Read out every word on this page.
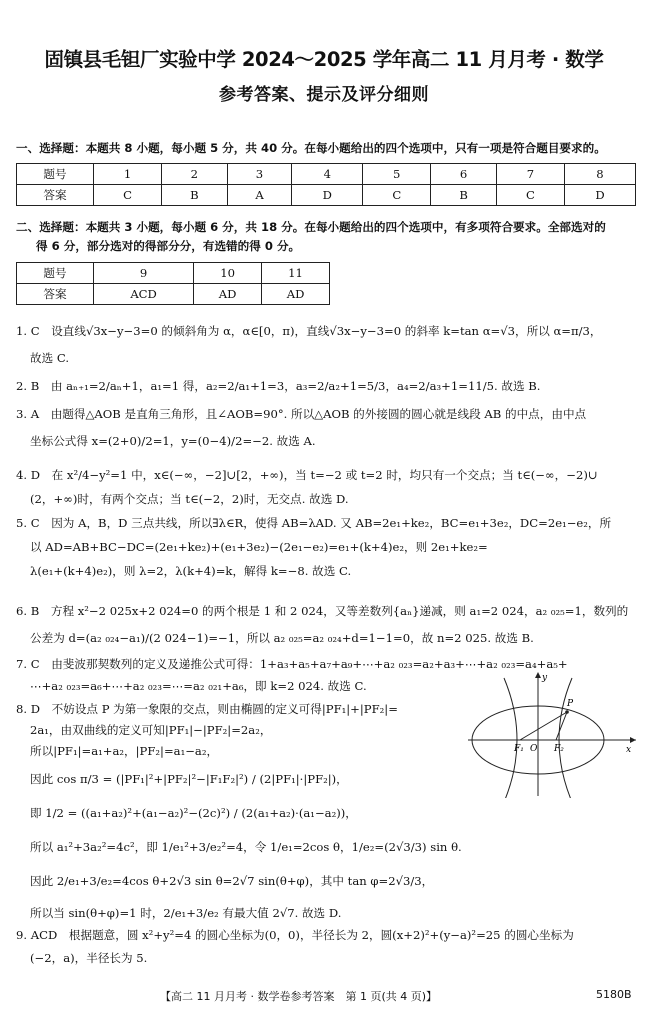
固镇县毛钽厂实验中学 2024～2025 学年高二 11 月月考 · 数学
参考答案、提示及评分细则
一、选择题：本题共 8 小题，每小题 5 分，共 40 分。在每小题给出的四个选项中，只有一项是符合题目要求的。
题号	1	2	3	4	5	6	7	8
答案	C	B	A	D	C	B	C	D
二、选择题：本题共 3 小题，每小题 6 分，共 18 分。在每小题给出的四个选项中，有多项符合要求。全部选对的
得 6 分，部分选对的得部分分，有选错的得 0 分。
题号	9	10	11
答案	ACD	AD	AD
1. C　设直线√3x−y−3=0 的倾斜角为 α，α∈[0，π)，直线√3x−y−3=0 的斜率 k=tan α=√3，所以 α=π/3，
故选 C.
2. B　由 aₙ₊₁=2/aₙ+1，a₁=1 得，a₂=2/a₁+1=3，a₃=2/a₂+1=5/3，a₄=2/a₃+1=11/5. 故选 B.
3. A　由题得△AOB 是直角三角形，且∠AOB=90°. 所以△AOB 的外接圆的圆心就是线段 AB 的中点，由中点
坐标公式得 x=(2+0)/2=1，y=(0−4)/2=−2. 故选 A.
4. D　在 x²/4−y²=1 中，x∈(−∞，−2]∪[2，+∞)，当 t=−2 或 t=2 时，均只有一个交点；当 t∈(−∞，−2)∪
(2，+∞)时，有两个交点；当 t∈(−2，2)时，无交点. 故选 D.
5. C　因为 A，B，D 三点共线，所以∃λ∈R，使得 AB=λAD. 又 AB=2e₁+ke₂，BC=e₁+3e₂，DC=2e₁−e₂，所
以 AD=AB+BC−DC=(2e₁+ke₂)+(e₁+3e₂)−(2e₁−e₂)=e₁+(k+4)e₂，则 2e₁+ke₂=
λ(e₁+(k+4)e₂)，则 λ=2，λ(k+4)=k，解得 k=−8. 故选 C.
6. B　方程 x²−2 025x+2 024=0 的两个根是 1 和 2 024，又等差数列{aₙ}递减，则 a₁=2 024，a₂ ₀₂₅=1，数列的
公差为 d=(a₂ ₀₂₄−a₁)/(2 024−1)=−1，所以 a₂ ₀₂₅=a₂ ₀₂₄+d=1−1=0，故 n=2 025. 故选 B.
7. C　由斐波那契数列的定义及递推公式可得：1+a₃+a₅+a₇+a₉+⋯+a₂ ₀₂₃=a₂+a₃+⋯+a₂ ₀₂₃=a₄+a₅+
⋯+a₂ ₀₂₃=a₆+⋯+a₂ ₀₂₃=⋯=a₂ ₀₂₁+a₆，即 k=2 024. 故选 C.
8. D　不妨设点 P 为第一象限的交点，则由椭圆的定义可得|PF₁|+|PF₂|=
2a₁，由双曲线的定义可知|PF₁|−|PF₂|=2a₂，
所以|PF₁|=a₁+a₂，|PF₂|=a₁−a₂，
因此 cos π/3 = (|PF₁|²+|PF₂|²−|F₁F₂|²) / (2|PF₁|·|PF₂|)，
即 1/2 = ((a₁+a₂)²+(a₁−a₂)²−(2c)²) / (2(a₁+a₂)·(a₁−a₂))，
所以 a₁²+3a₂²=4c²，即 1/e₁²+3/e₂²=4，令 1/e₁=2cos θ，1/e₂=(2√3/3) sin θ.
因此 2/e₁+3/e₂=4cos θ+2√3 sin θ=2√7 sin(θ+φ)，其中 tan φ=2√3/3，
所以当 sin(θ+φ)=1 时，2/e₁+3/e₂ 有最大值 2√7. 故选 D.
9. ACD　根据题意，圆 x²+y²=4 的圆心坐标为(0，0)，半径长为 2，圆(x+2)²+(y−a)²=25 的圆心坐标为
(−2，a)，半径长为 5.
y
P
F₁ O F₂	x
【高二 11 月月考 · 数学卷参考答案　第 1 页(共 4 页)】	5180B
